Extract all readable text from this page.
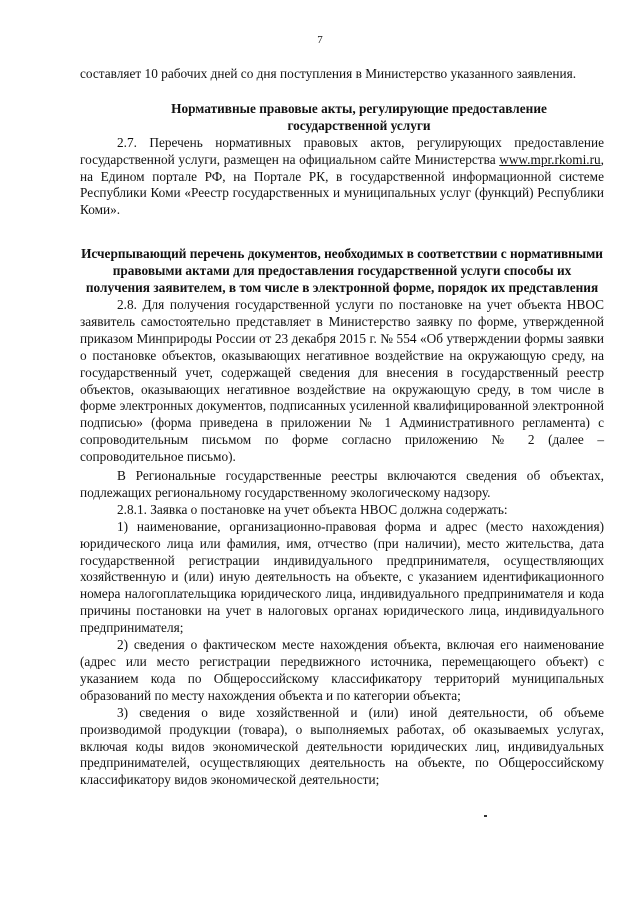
7

составляет 10 рабочих дней со дня поступления в Министерство указанного заявления.

Нормативные правовые акты, регулирующие предоставление государственной услуги

2.7. Перечень нормативных правовых актов, регулирующих предоставление государственной услуги, размещен на официальном сайте Министерства www.mpr.rkomi.ru, на Едином портале РФ, на Портале РК, в государственной информационной системе Республики Коми «Реестр государственных и муниципальных услуг (функций) Республики Коми».

Исчерпывающий перечень документов, необходимых в соответствии с нормативными правовыми актами для предоставления государственной услуги способы их получения заявителем, в том числе в электронной форме, порядок их представления

2.8. Для получения государственной услуги по постановке на учет объекта НВОС заявитель самостоятельно представляет в Министерство заявку по форме, утвержденной приказом Минприроды России от 23 декабря 2015 г. № 554 «Об утверждении формы заявки о постановке объектов, оказывающих негативное воздействие на окружающую среду, на государственный учет, содержащей сведения для внесения в государственный реестр объектов, оказывающих негативное воздействие на окружающую среду, в том числе в форме электронных документов, подписанных усиленной квалифицированной электронной подписью» (форма приведена в приложении № 1 Административного регламента) с сопроводительным письмом по форме согласно приложению № 2 (далее – сопроводительное письмо).

В Региональные государственные реестры включаются сведения об объектах, подлежащих региональному государственному экологическому надзору.

2.8.1. Заявка о постановке на учет объекта НВОС должна содержать:

1) наименование, организационно-правовая форма и адрес (место нахождения) юридического лица или фамилия, имя, отчество (при наличии), место жительства, дата государственной регистрации индивидуального предпринимателя, осуществляющих хозяйственную и (или) иную деятельность на объекте, с указанием идентификационного номера налогоплательщика юридического лица, индивидуального предпринимателя и кода причины постановки на учет в налоговых органах юридического лица, индивидуального предпринимателя;

2) сведения о фактическом месте нахождения объекта, включая его наименование (адрес или место регистрации передвижного источника, перемещающего объект) с указанием кода по Общероссийскому классификатору территорий муниципальных образований по месту нахождения объекта и по категории объекта;

3) сведения о виде хозяйственной и (или) иной деятельности, об объеме производимой продукции (товара), о выполняемых работах, об оказываемых услугах, включая коды видов экономической деятельности юридических лиц, индивидуальных предпринимателей, осуществляющих деятельность на объекте, по Общероссийскому классификатору видов экономической деятельности;
